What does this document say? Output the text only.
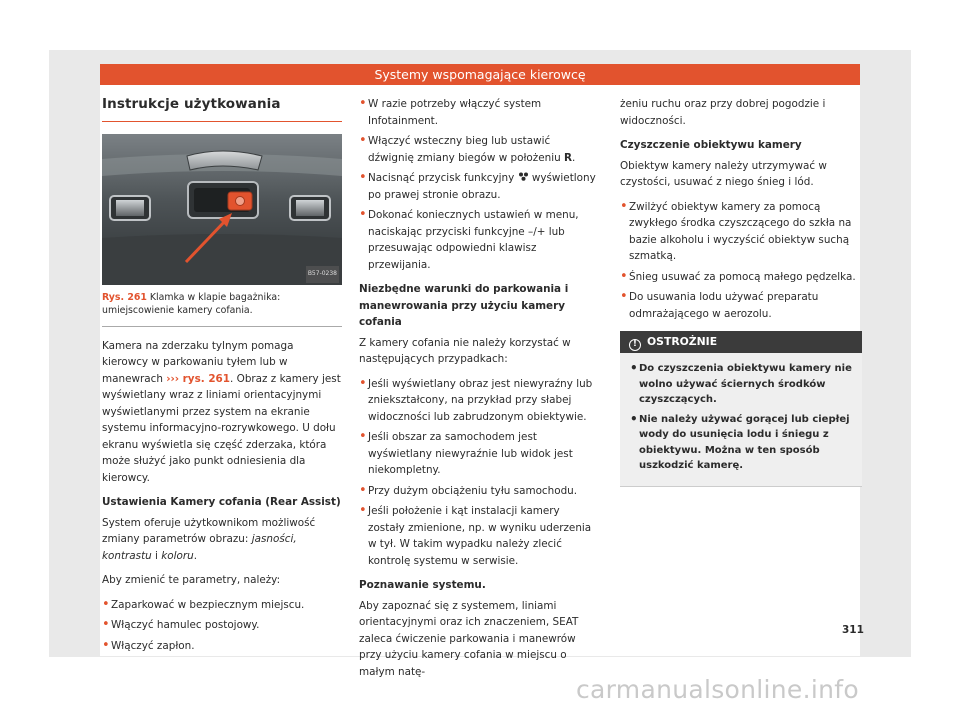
Systemy wspomagające kierowcę
Instrukcje użytkowania
B57-0238
Rys. 261 Klamka w klapie bagażnika: umiejscowienie kamery cofania.

Kamera na zderzaku tylnym pomaga kierowcy w parkowaniu tyłem lub w manewrach ››› rys. 261. Obraz z kamery jest wyświetlany wraz z liniami orientacyjnymi wyświetlanymi przez system na ekranie systemu informacyjno-rozrywkowego. U dołu ekranu wyświetla się część zderzaka, która może służyć jako punkt odniesienia dla kierowcy.

Ustawienia Kamery cofania (Rear Assist)

System oferuje użytkownikom możliwość zmiany parametrów obrazu: jasności, kontrastu i koloru.

Aby zmienić te parametry, należy:

• Zaparkować w bezpiecznym miejscu.
• Włączyć hamulec postojowy.
• Włączyć zapłon.
• W razie potrzeby włączyć system Infotainment.
• Włączyć wsteczny bieg lub ustawić dźwignię zmiany biegów w położeniu R.
• Nacisnąć przycisk funkcyjny  wyświetlony po prawej stronie obrazu.
• Dokonać koniecznych ustawień w menu, naciskając przyciski funkcyjne –/+ lub przesuwając odpowiedni klawisz przewijania.
Niezbędne warunki do parkowania i manewrowania przy użyciu kamery cofania

Z kamery cofania nie należy korzystać w następujących przypadkach:

• Jeśli wyświetlany obraz jest niewyraźny lub zniekształcony, na przykład przy słabej widoczności lub zabrudzonym obiektywie.
• Jeśli obszar za samochodem jest wyświetlany niewyraźnie lub widok jest niekompletny.
• Przy dużym obciążeniu tyłu samochodu.
• Jeśli położenie i kąt instalacji kamery zostały zmienione, np. w wyniku uderzenia w tył. W takim wypadku należy zlecić kontrolę systemu w serwisie.
Poznawanie systemu.

Aby zapoznać się z systemem, liniami orientacyjnymi oraz ich znaczeniem, SEAT zaleca ćwiczenie parkowania i manewrów przy użyciu kamery cofania w miejscu o małym natę-

żeniu ruchu oraz przy dobrej pogodzie i widoczności.

Czyszczenie obiektywu kamery

Obiektyw kamery należy utrzymywać w czystości, usuwać z niego śnieg i lód.

• Zwilżyć obiektyw kamery za pomocą zwykłego środka czyszczącego do szkła na bazie alkoholu i wyczyścić obiektyw suchą szmatką.
• Śnieg usuwać za pomocą małego pędzelka.
• Do usuwania lodu używać preparatu odmrażającego w aerozolu.
! OSTROŻNIE
• Do czyszczenia obiektywu kamery nie wolno używać ściernych środków czyszczących.
• Nie należy używać gorącej lub ciepłej wody do usunięcia lodu i śniegu z obiektywu. Można w ten sposób uszkodzić kamerę.
311
carmanualsonline.info
